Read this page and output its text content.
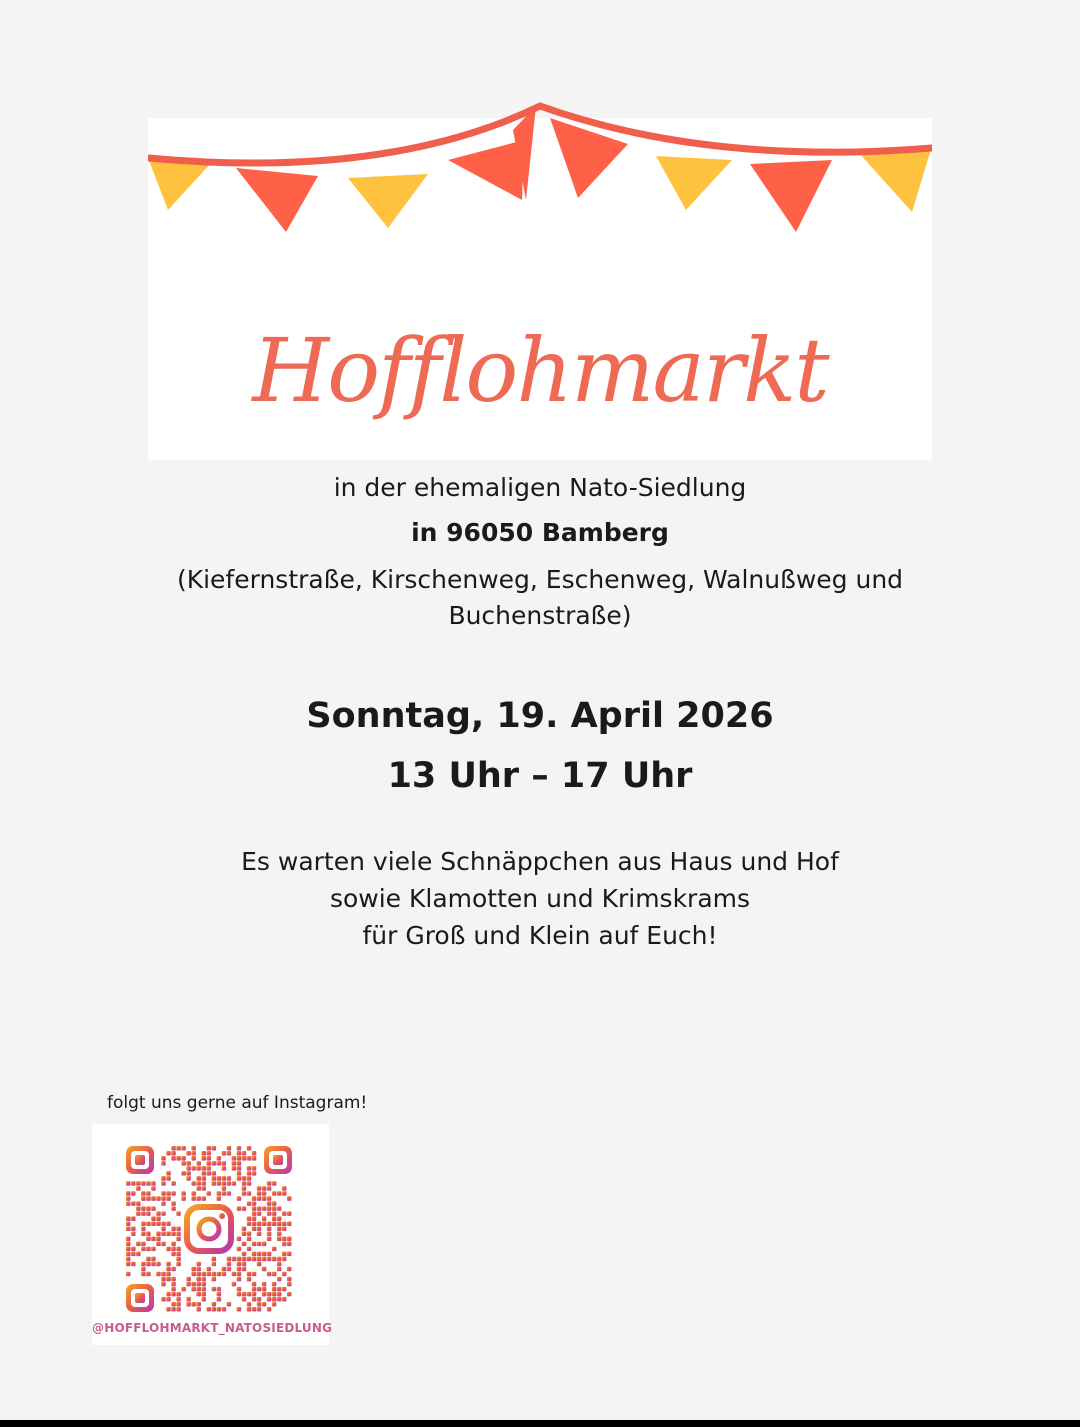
Hofflohmarkt
in der ehemaligen Nato-Siedlung
in 96050 Bamberg
(Kiefernstraße, Kirschenweg, Eschenweg, Walnußweg und Buchenstraße)
Sonntag, 19. April 2026
13 Uhr – 17 Uhr
Es warten viele Schnäppchen aus Haus und Hof
sowie Klamotten und Krimskrams
für Groß und Klein auf Euch!
folgt uns gerne auf Instagram!
@HOFFLOHMARKT_NATOSIEDLUNG
